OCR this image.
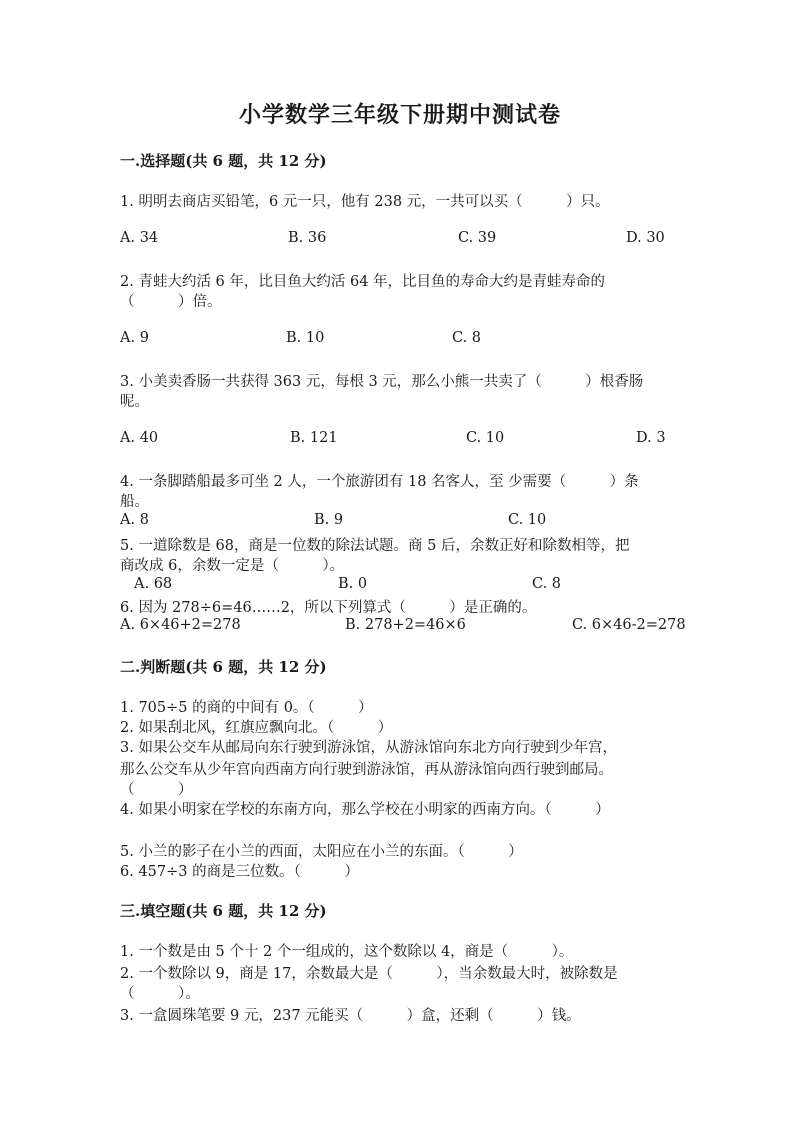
小学数学三年级下册期中测试卷
一.选择题(共 6 题，共 12 分)
1. 明明去商店买铅笔，6 元一只，他有 238 元，一共可以买（　　　）只。
A. 34	B. 36	C. 39	D. 30
2. 青蛙大约活 6 年，比目鱼大约活 64 年，比目鱼的寿命大约是青蛙寿命的
（　　　）倍。
A. 9	B. 10	C. 8
3. 小美卖香肠一共获得 363 元，每根 3 元，那么小熊一共卖了（　　　）根香肠
呢。
A. 40	B. 121	C. 10	D. 3
4. 一条脚踏船最多可坐 2 人，一个旅游团有 18 名客人，至 少需要（　　　）条
船。
A. 8	B. 9	C. 10
5. 一道除数是 68，商是一位数的除法试题。商 5 后，余数正好和除数相等，把
商改成 6，余数一定是（　　　）。
A. 68	B. 0	C. 8
6. 因为 278÷6=46……2，所以下列算式（　　　）是正确的。
A. 6×46+2=278	B. 278+2=46×6	C. 6×46-2=278
二.判断题(共 6 题，共 12 分)
1. 705÷5 的商的中间有 0。（　　　）
2. 如果刮北风，红旗应飘向北。（　　　）
3. 如果公交车从邮局向东行驶到游泳馆，从游泳馆向东北方向行驶到少年宫，
那么公交车从少年宫向西南方向行驶到游泳馆，再从游泳馆向西行驶到邮局。
（　　　）
4. 如果小明家在学校的东南方向，那么学校在小明家的西南方向。（　　　）
5. 小兰的影子在小兰的西面，太阳应在小兰的东面。（　　　）
6. 457÷3 的商是三位数。（　　　）
三.填空题(共 6 题，共 12 分)
1. 一个数是由 5 个十 2 个一组成的，这个数除以 4，商是（　　　）。
2. 一个数除以 9，商是 17，余数最大是（　　　），当余数最大时，被除数是
（　　　）。
3. 一盒圆珠笔要 9 元，237 元能买（　　　）盒，还剩（　　　）钱。
